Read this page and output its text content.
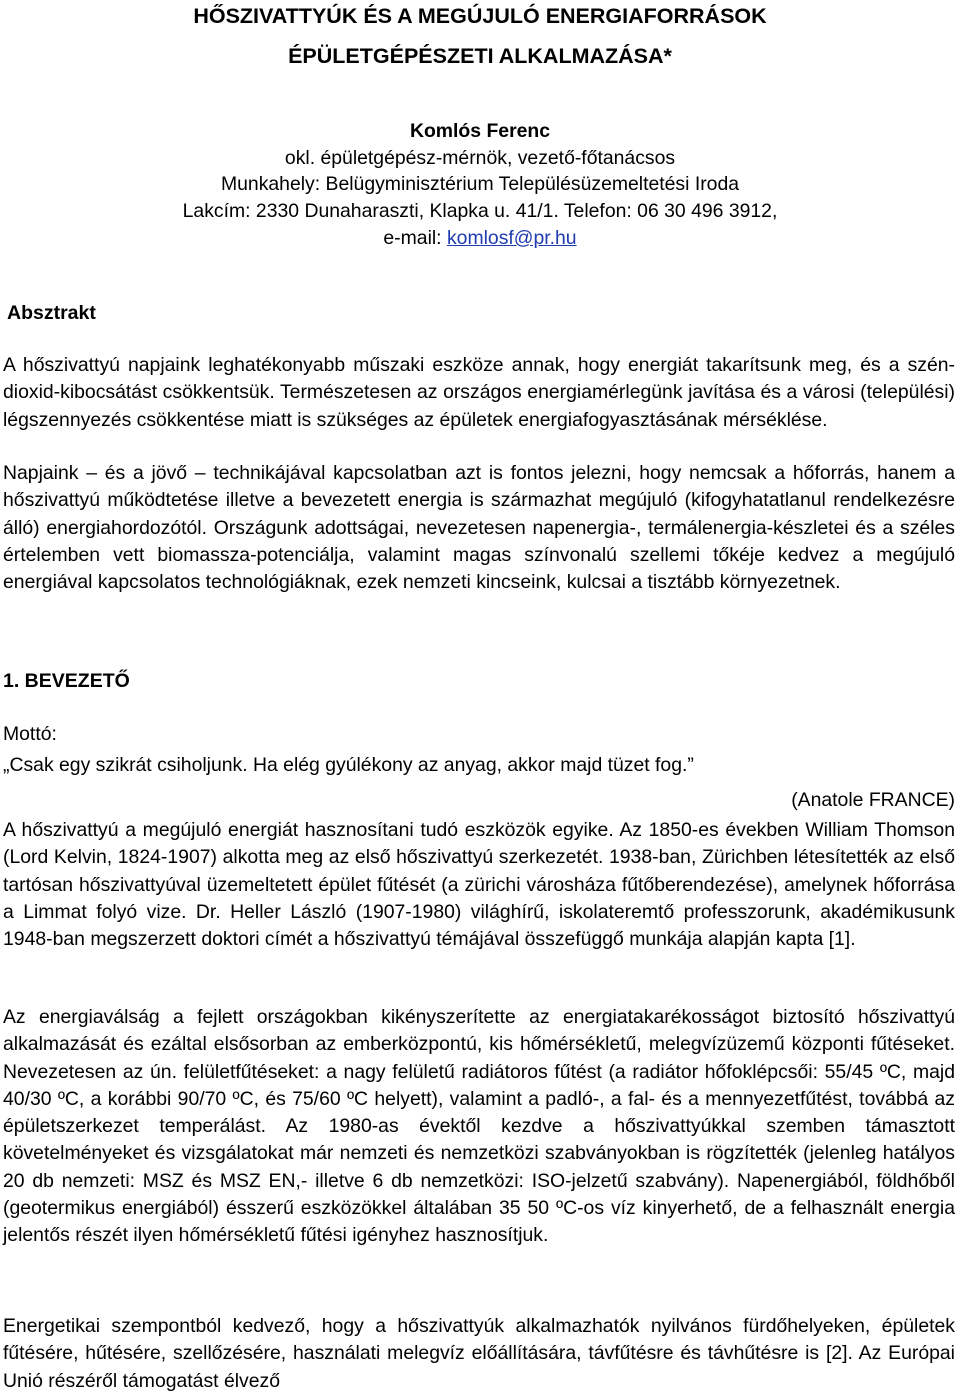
HŐSZIVATTYÚK ÉS A MEGÚJULÓ ENERGIAFORRÁSOK
ÉPÜLETGÉPÉSZETI ALKALMAZÁSA*
Komlós Ferenc
okl. épületgépész-mérnök, vezető-főtanácsos
Munkahely: Belügyminisztérium Településüzemeltetési Iroda
Lakcím: 2330 Dunaharaszti, Klapka u. 41/1. Telefon: 06 30 496 3912,
e-mail: komlosf@pr.hu
Absztrakt

A hőszivattyú napjaink leghatékonyabb műszaki eszköze annak, hogy energiát takarítsunk meg, és a szén-dioxid-kibocsátást csökkentsük. Természetesen az országos energiamérlegünk javítása és a városi (települési) légszennyezés csökkentése miatt is szükséges az épületek energiafogyasztásának mérséklése.

Napjaink – és a jövő – technikájával kapcsolatban azt is fontos jelezni, hogy nemcsak a hőforrás, hanem a hőszivattyú működtetése illetve a bevezetett energia is származhat megújuló (kifogyhatatlanul rendelkezésre álló) energiahordozótól. Országunk adottságai, nevezetesen napenergia-, termálenergia-készletei és a széles értelemben vett biomassza-potenciálja, valamint magas színvonalú szellemi tőkéje kedvez a megújuló energiával kapcsolatos technológiáknak, ezek nemzeti kincseink, kulcsai a tisztább környezetnek.

1. BEVEZETŐ
Mottó:
„Csak egy szikrát csiholjunk. Ha elég gyúlékony az anyag, akkor majd tüzet fog.”
(Anatole FRANCE)

A hőszivattyú a megújuló energiát hasznosítani tudó eszközök egyike. Az 1850-es években William Thomson (Lord Kelvin, 1824-1907) alkotta meg az első hőszivattyú szerkezetét. 1938-ban, Zürichben létesítették az első tartósan hőszivattyúval üzemeltetett épület fűtését (a zürichi városháza fűtőberendezése), amelynek hőforrása a Limmat folyó vize. Dr. Heller László (1907-1980) világhírű, iskolateremtő professzorunk, akadémikusunk 1948-ban megszerzett doktori címét a hőszivattyú témájával összefüggő munkája alapján kapta [1].

Az energiaválság a fejlett országokban kikényszerítette az energiatakarékosságot biztosító hőszivattyú alkalmazását és ezáltal elsősorban az emberközpontú, kis hőmérsékletű, melegvízüzemű központi fűtéseket. Nevezetesen az ún. felületfűtéseket: a nagy felületű radiátoros fűtést (a radiátor hőfoklépcsői: 55/45 ºC, majd 40/30 ºC, a korábbi 90/70 ºC, és 75/60 ºC helyett), valamint a padló-, a fal- és a mennyezetfűtést, továbbá az épületszerkezet temperálást. Az 1980-as évektől kezdve a hőszivattyúkkal szemben támasztott követelményeket és vizsgálatokat már nemzeti és nemzetközi szabványokban is rögzítették (jelenleg hatályos 20 db nemzeti: MSZ és MSZ EN,- illetve 6 db nemzetközi: ISO-jelzetű szabvány). Napenergiából, földhőből (geotermikus energiából) ésszerű eszközökkel általában 35 50 ºC-os víz kinyerhető, de a felhasznált energia jelentős részét ilyen hőmérsékletű fűtési igényhez hasznosítjuk.

Energetikai szempontból kedvező, hogy a hőszivattyúk alkalmazhatók nyilvános fürdőhelyeken, épületek fűtésére, hűtésére, szellőzésére, használati melegvíz előállítására, távfűtésre és távhűtésre is [2]. Az Európai Unió részéről támogatást élvező
